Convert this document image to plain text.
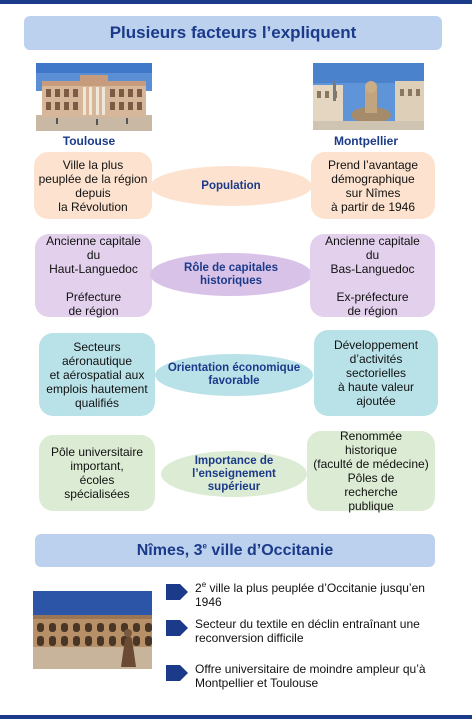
Plusieurs facteurs l’expliquent
Toulouse	Montpellier
Ville la plus
peuplée de la région
depuis
la Révolution
Population
Prend l’avantage
démographique
sur Nîmes
à partir de 1946
Ancienne capitale
du
Haut-Languedoc

Préfecture
de région
Rôle de capitales
historiques
Ancienne capitale
du
Bas-Languedoc

Ex-préfecture
de région
Secteurs
aéronautique
et aérospatial aux
emplois hautement
qualifiés
Orientation économique
favorable
Développement
d’activités
sectorielles
à haute valeur
ajoutée
Pôle universitaire
important,
écoles
spécialisées
Importance de
l’enseignement
supérieur
Renommée
historique
(faculté de médecine)
Pôles de
recherche
publique
Nîmes, 3e ville d’Occitanie
2e ville la plus peuplée d’Occitanie jusqu’en 1946
Secteur du textile en déclin entraînant une reconversion difficile
Offre universitaire de moindre ampleur qu’à Montpellier et Toulouse
